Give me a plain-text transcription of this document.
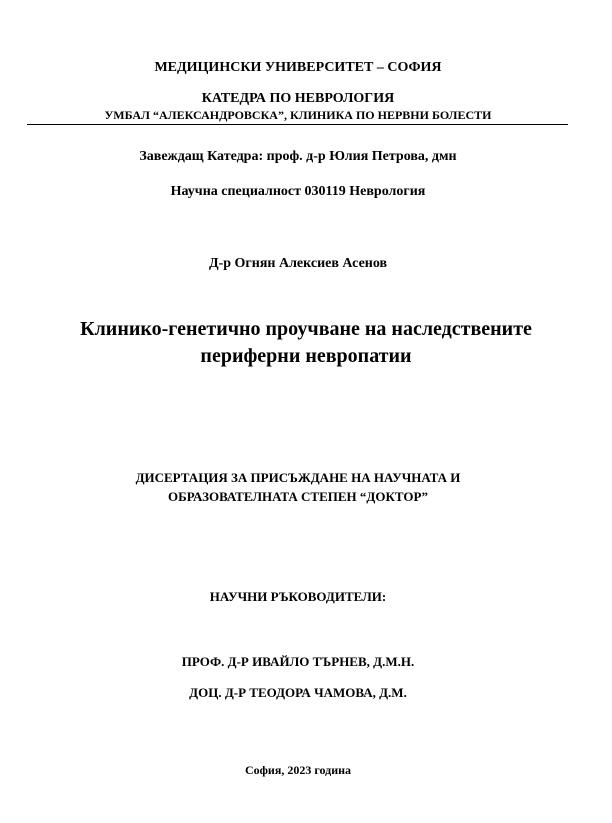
МЕДИЦИНСКИ УНИВЕРСИТЕТ – СОФИЯ
КАТЕДРА ПО НЕВРОЛОГИЯ
УМБАЛ “АЛЕКСАНДРОВСКА”, КЛИНИКА ПО НЕРВНИ БОЛЕСТИ
Завеждащ Катедра: проф. д-р Юлия Петрова, дмн
Научна специалност 030119 Неврология
Д-р Огнян Алексиев Асенов
Клинико-генетично проучване на наследствените
периферни невропатии
ДИСЕРТАЦИЯ ЗА ПРИСЪЖДАНЕ НА НАУЧНАТА И
ОБРАЗОВАТЕЛНАТА СТЕПЕН “ДОКТОР”
НАУЧНИ РЪКОВОДИТЕЛИ:
ПРОФ. Д-Р ИВАЙЛО ТЪРНЕВ, Д.М.Н.
ДОЦ. Д-Р ТЕОДОРА ЧАМОВА, Д.М.
София, 2023 година
